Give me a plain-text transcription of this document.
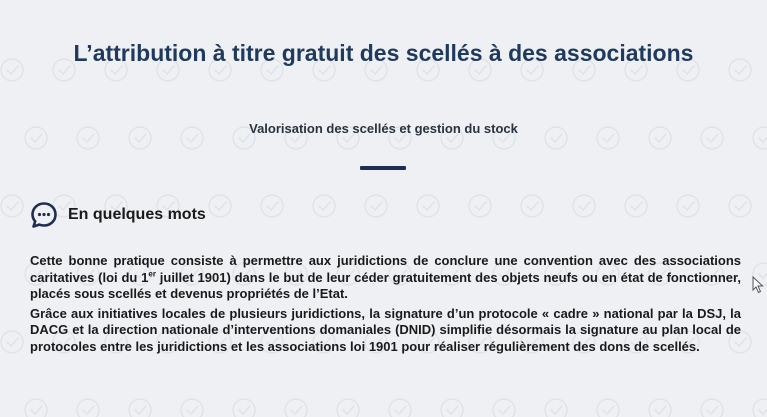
L’attribution à titre gratuit des scellés à des associations
Valorisation des scellés et gestion du stock
En quelques mots

Cette bonne pratique consiste à permettre aux juridictions de conclure une convention avec des associations caritatives (loi du 1er juillet 1901) dans le but de leur céder gratuitement des objets neufs ou en état de fonctionner, placés sous scellés et devenus propriétés de l’Etat.

Grâce aux initiatives locales de plusieurs juridictions, la signature d’un protocole « cadre » national par la DSJ, la DACG et la direction nationale d’interventions domaniales (DNID) simplifie désormais la signature au plan local de protocoles entre les juridictions et les associations loi 1901 pour réaliser régulièrement des dons de scellés.
